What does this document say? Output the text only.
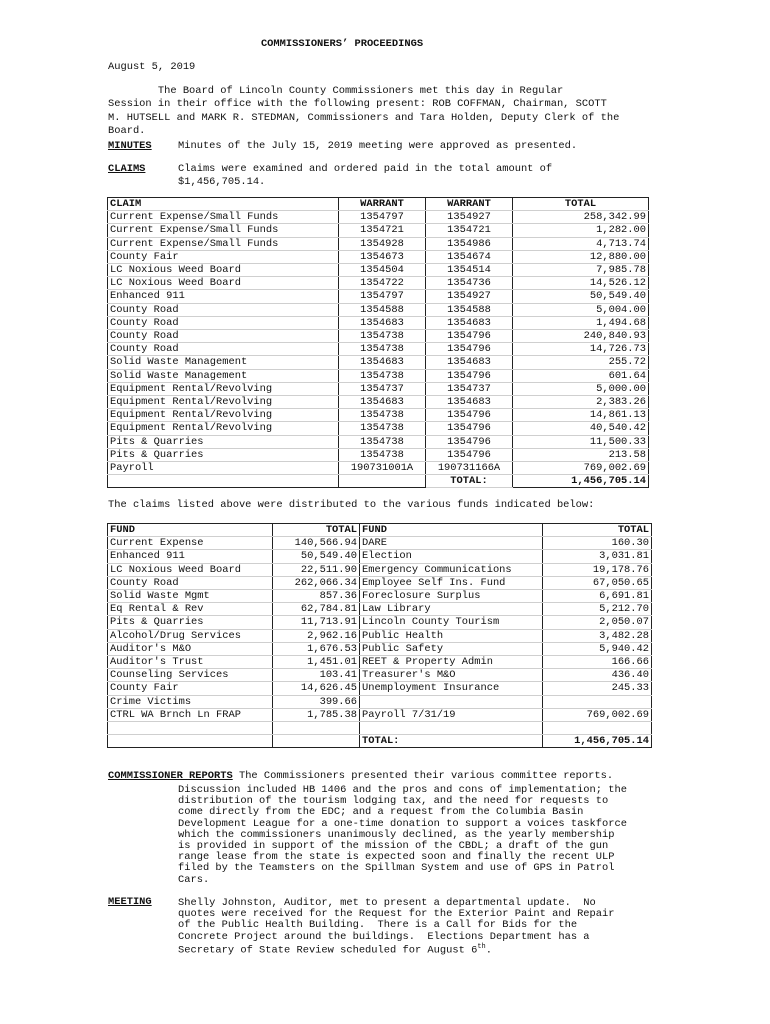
COMMISSIONERS’ PROCEEDINGS
August 5, 2019
The Board of Lincoln County Commissioners met this day in Regular
Session in their office with the following present: ROB COFFMAN, Chairman, SCOTT
M. HUTSELL and MARK R. STEDMAN, Commissioners and Tara Holden, Deputy Clerk of the
Board.
MINUTES	Minutes of the July 15, 2019 meeting were approved as presented.
CLAIMS	Claims were examined and ordered paid in the total amount of
$1,456,705.14.
CLAIM	WARRANT	WARRANT	TOTAL
Current Expense/Small Funds	1354797	1354927	258,342.99
Current Expense/Small Funds	1354721	1354721	1,282.00
Current Expense/Small Funds	1354928	1354986	4,713.74
County Fair	1354673	1354674	12,880.00
LC Noxious Weed Board	1354504	1354514	7,985.78
LC Noxious Weed Board	1354722	1354736	14,526.12
Enhanced 911	1354797	1354927	50,549.40
County Road	1354588	1354588	5,004.00
County Road	1354683	1354683	1,494.68
County Road	1354738	1354796	240,840.93
County Road	1354738	1354796	14,726.73
Solid Waste Management	1354683	1354683	255.72
Solid Waste Management	1354738	1354796	601.64
Equipment Rental/Revolving	1354737	1354737	5,000.00
Equipment Rental/Revolving	1354683	1354683	2,383.26
Equipment Rental/Revolving	1354738	1354796	14,861.13
Equipment Rental/Revolving	1354738	1354796	40,540.42
Pits & Quarries	1354738	1354796	11,500.33
Pits & Quarries	1354738	1354796	213.58
Payroll	190731001A	190731166A	769,002.69
		TOTAL:	1,456,705.14
The claims listed above were distributed to the various funds indicated below:
FUND	TOTAL	FUND	TOTAL
Current Expense	140,566.94	DARE	160.30
Enhanced 911	50,549.40	Election	3,031.81
LC Noxious Weed Board	22,511.90	Emergency Communications	19,178.76
County Road	262,066.34	Employee Self Ins. Fund	67,050.65
Solid Waste Mgmt	857.36	Foreclosure Surplus	6,691.81
Eq Rental & Rev	62,784.81	Law Library	5,212.70
Pits & Quarries	11,713.91	Lincoln County Tourism	2,050.07
Alcohol/Drug Services	2,962.16	Public Health	3,482.28
Auditor's M&O	1,676.53	Public Safety	5,940.42
Auditor's Trust	1,451.01	REET & Property Admin	166.66
Counseling Services	103.41	Treasurer's M&O	436.40
County Fair	14,626.45	Unemployment Insurance	245.33
Crime Victims	399.66		
CTRL WA Brnch Ln FRAP	1,785.38	Payroll 7/31/19	769,002.69

		TOTAL:	1,456,705.14
COMMISSIONER REPORTS The Commissioners presented their various committee reports.
Discussion included HB 1406 and the pros and cons of implementation; the
distribution of the tourism lodging tax, and the need for requests to
come directly from the EDC; and a request from the Columbia Basin
Development League for a one-time donation to support a voices taskforce
which the commissioners unanimously declined, as the yearly membership
is provided in support of the mission of the CBDL; a draft of the gun
range lease from the state is expected soon and finally the recent ULP
filed by the Teamsters on the Spillman System and use of GPS in Patrol
Cars.
MEETING	Shelly Johnston, Auditor, met to present a departmental update.  No
quotes were received for the Request for the Exterior Paint and Repair
of the Public Health Building.  There is a Call for Bids for the
Concrete Project around the buildings.  Elections Department has a
Secretary of State Review scheduled for August 6th.
